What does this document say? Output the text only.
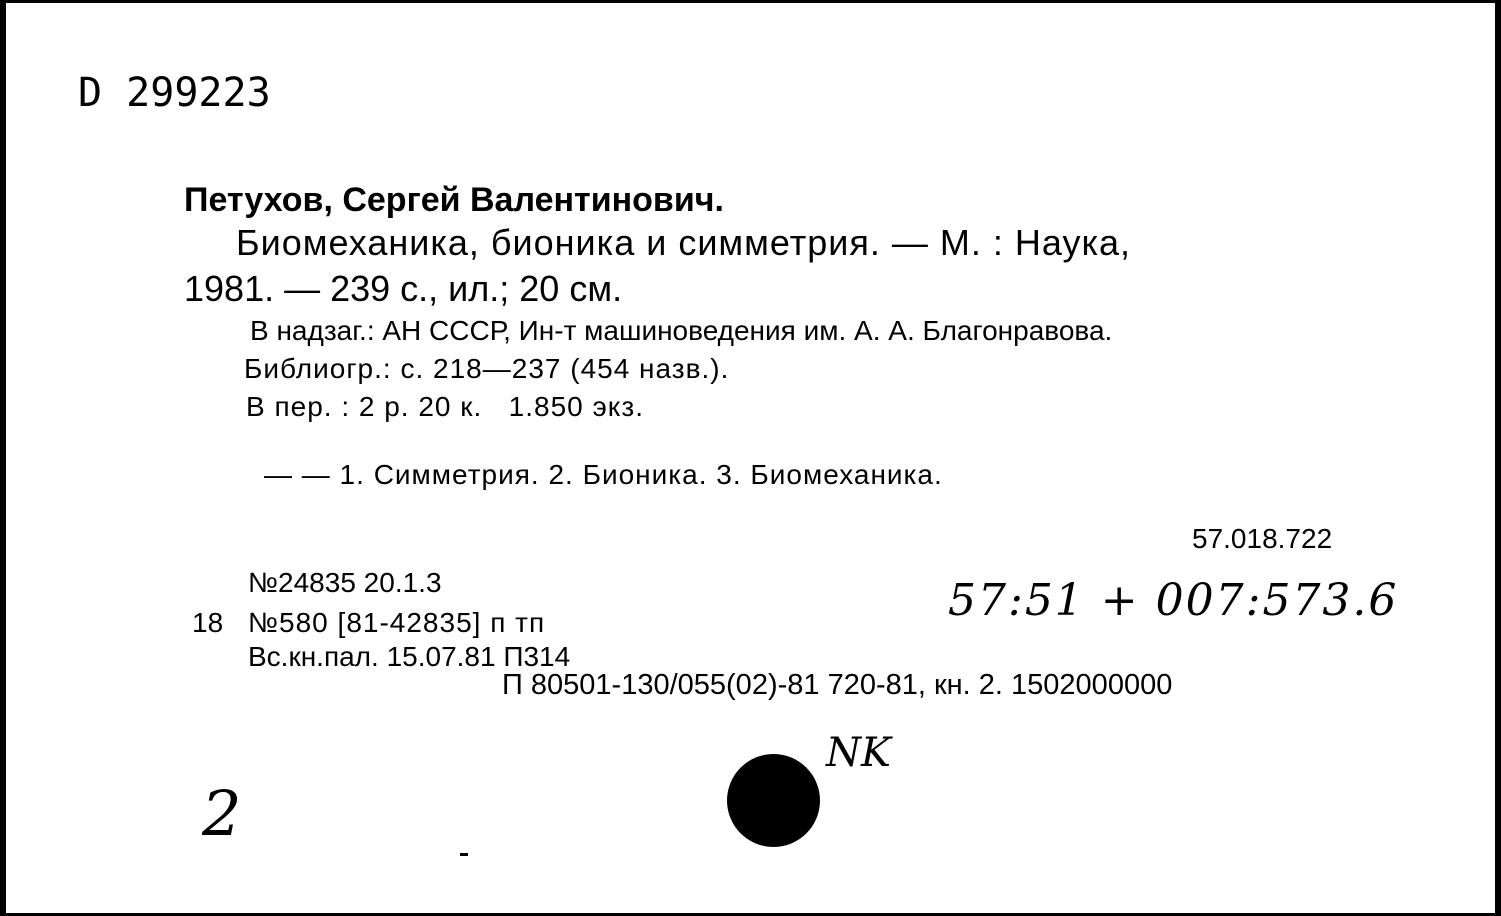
D 299223
Петухов, Сергей Валентинович.
Биомеханика, бионика и симметрия. — М. : Наука,
1981. — 239 с., ил.; 20 см.
В надзаг.: АН СССР, Ин-т машиноведения им. А. А. Благонравова.
Библиогр.: с. 218—237 (454 назв.).
В пер. : 2 р. 20 к.   1.850 экз.
— — 1. Симметрия. 2. Бионика. 3. Биомеханика.
57.018.722
57:51 + 007:573.6
№24835 20.1.3
18 №580 [81-42835] п тп
Вс.кн.пал. 15.07.81 П314
П 80501-130/055(02)-81 720-81, кн. 2. 1502000000
NK
2
